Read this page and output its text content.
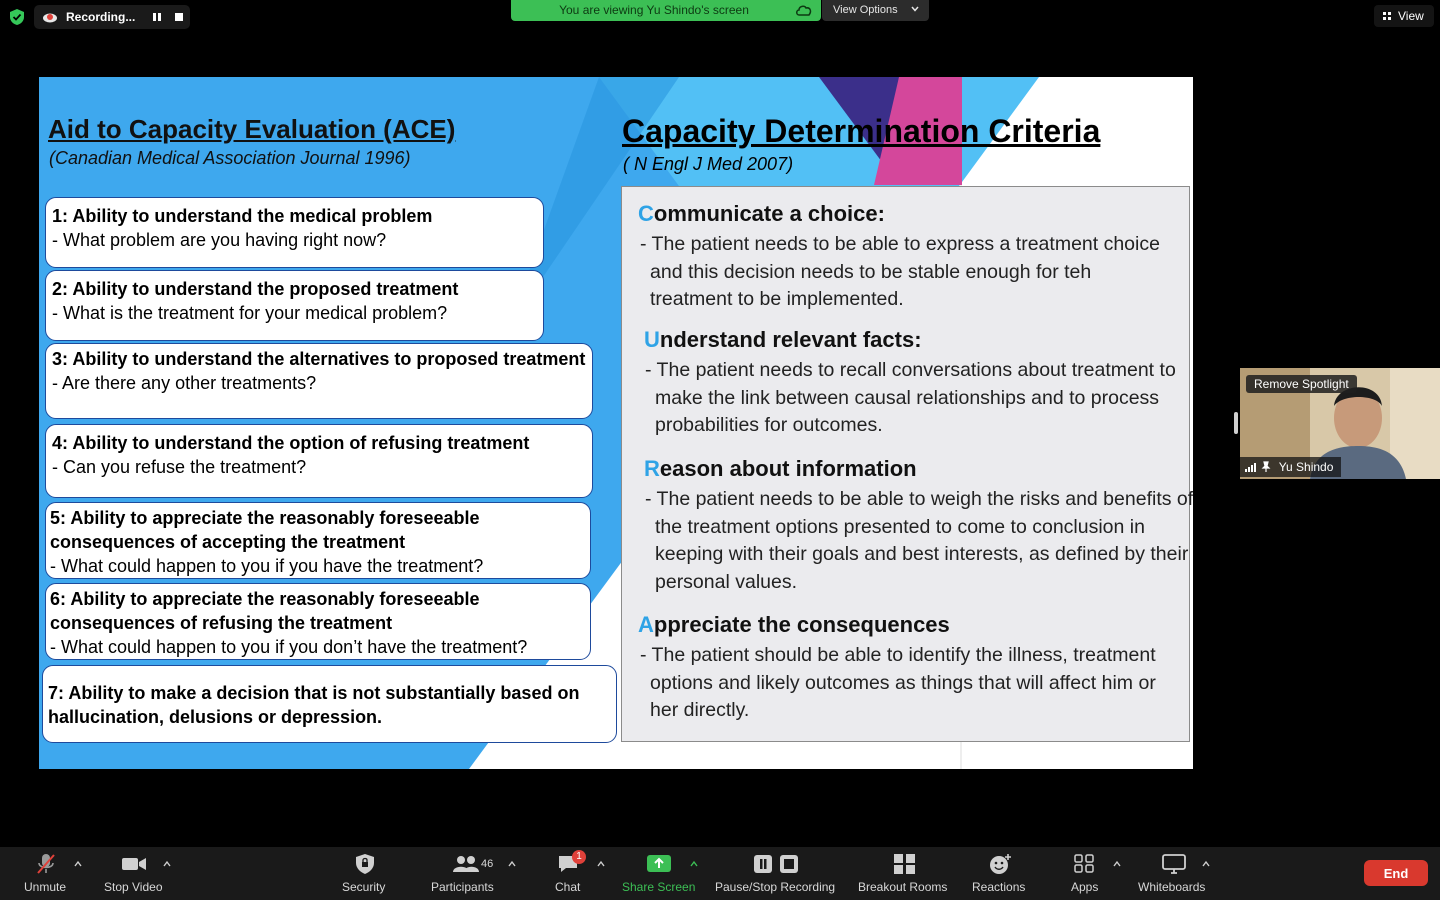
Recording...	You are viewing Yu Shindo's screen	View Options	View
Aid to Capacity Evaluation (ACE)
(Canadian Medical Association Journal 1996)
1: Ability to understand the medical problem
- What problem are you having right now?
2: Ability to understand the proposed treatment
- What is the treatment for your medical problem?
3: Ability to understand the alternatives to proposed treatment
- Are there any other treatments?
4: Ability to understand the option of refusing treatment
- Can you refuse the treatment?
5: Ability to appreciate the reasonably foreseeable consequences of accepting the treatment
- What could happen to you if you have the treatment?
6: Ability to appreciate the reasonably foreseeable consequences of refusing the treatment
- What could happen to you if you don’t have the treatment?
7: Ability to make a decision that is not substantially based on hallucination, delusions or depression.
Capacity Determination Criteria
( N Engl J Med 2007)
Communicate a choice:
- The patient needs to be able to express a treatment choice and this decision needs to be stable enough for teh treatment to be implemented.
Understand relevant facts:
- The patient needs to recall conversations about treatment to make the link between causal relationships and to process probabilities for outcomes.
Reason about information
- The patient needs to be able to weigh the risks and benefits of the treatment options presented to come to conclusion in keeping with their goals and best interests, as defined by their personal values.
Appreciate the consequences
- The patient should be able to identify the illness, treatment options and likely outcomes as things that will affect him or her directly.
Remove Spotlight
Yu Shindo
Unmute	Stop Video	Security
46
Participants
1
Chat	Share Screen Pause/Stop Recording Breakout Rooms Reactions	Apps	Whiteboards
End
